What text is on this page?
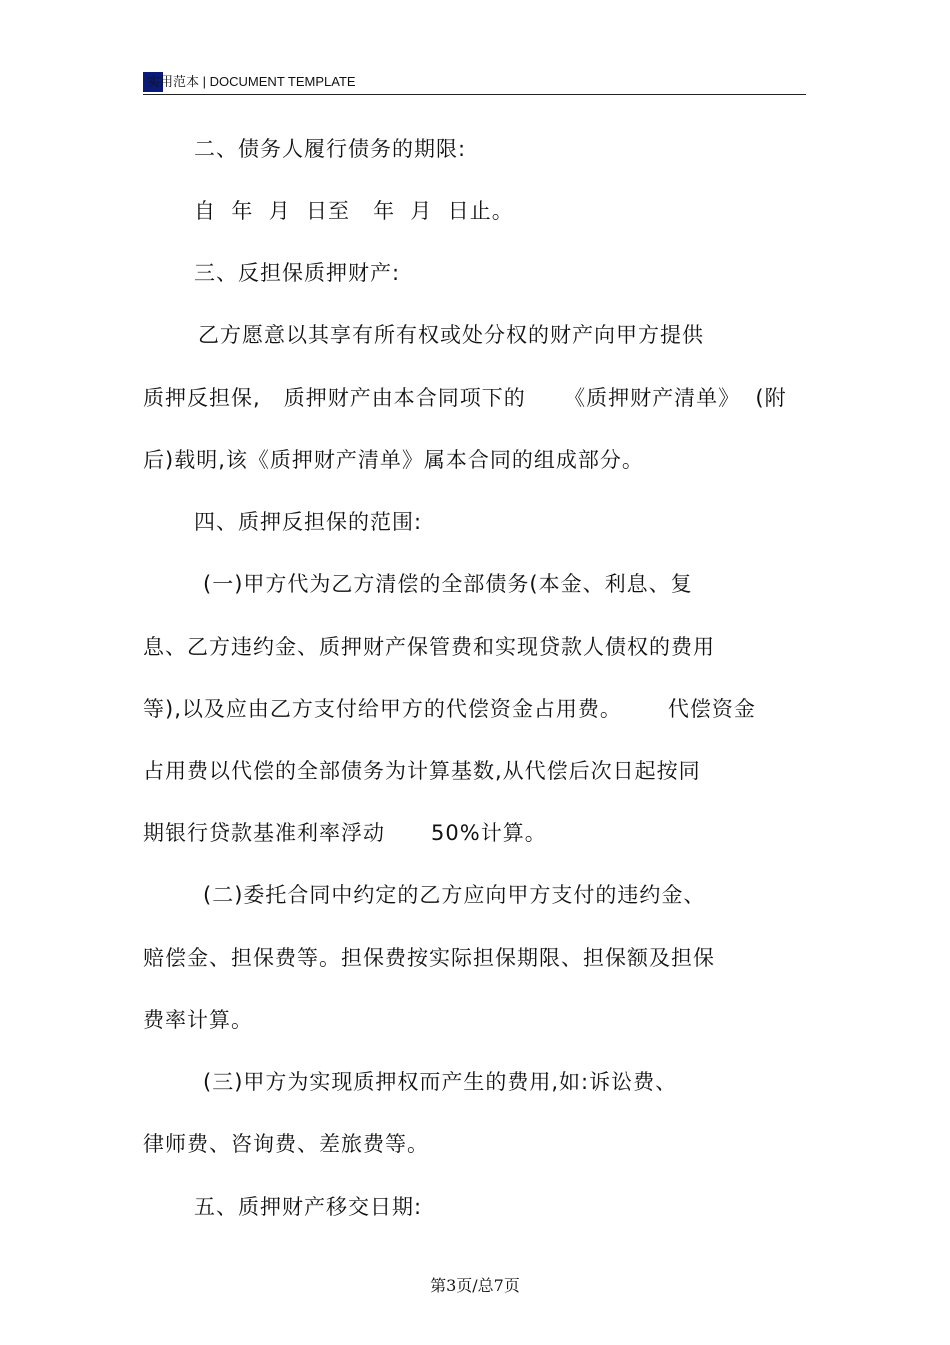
实用范本 | DOCUMENT TEMPLATE
二、债务人履行债务的期限:
自  年  月  日至   年  月  日止。
三、反担保质押财产:
乙方愿意以其享有所有权或处分权的财产向甲方提供
质押反担保,   质押财产由本合同项下的     《质押财产清单》  (附
后)载明,该《质押财产清单》属本合同的组成部分。
四、质押反担保的范围:
(一)甲方代为乙方清偿的全部债务(本金、利息、复
息、乙方违约金、质押财产保管费和实现贷款人债权的费用
等),以及应由乙方支付给甲方的代偿资金占用费。      代偿资金
占用费以代偿的全部债务为计算基数,从代偿后次日起按同
期银行贷款基准利率浮动      50%计算。
(二)委托合同中约定的乙方应向甲方支付的违约金、
赔偿金、担保费等。担保费按实际担保期限、担保额及担保
费率计算。
(三)甲方为实现质押权而产生的费用,如:诉讼费、
律师费、咨询费、差旅费等。
五、质押财产移交日期:
第3页/总7页
